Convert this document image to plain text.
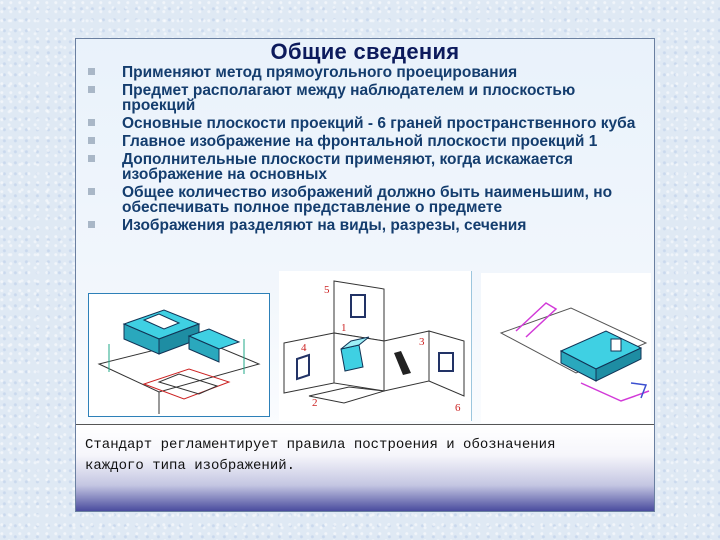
Общие сведения
Применяют метод прямоугольного проецирования
Предмет располагают между наблюдателем и плоскостью проекций
Основные плоскости проекций - 6 граней пространственного куба
Главное изображение на фронтальной плоскости проекций 1
Дополнительные плоскости применяют, когда искажается изображение на основных
Общее количество изображений должно быть наименьшим, но обеспечивать полное представление о предмете
Изображения разделяют на виды, разрезы, сечения
5
1
4	3
2	6
Стандарт регламентирует правила построения и обозначения каждого типа изображений.
